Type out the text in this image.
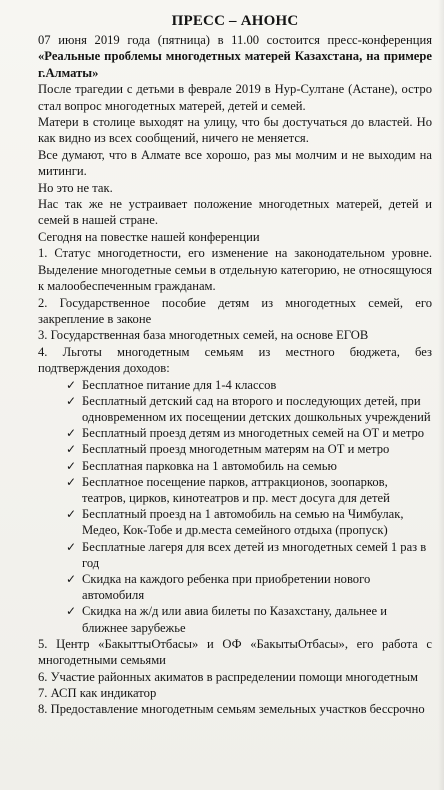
ПРЕСС – АНОНС

07 июня 2019 года (пятница) в 11.00 состоится пресс-конференция «Реальные проблемы многодетных матерей Казахстана, на примере г.Алматы»

После трагедии с детьми в феврале 2019 в Нур-Султане (Астане), остро стал вопрос многодетных матерей, детей и семей.

Матери в столице выходят на улицу, что бы достучаться до властей. Но как видно из всех сообщений, ничего не меняется.

Все думают, что в Алмате все хорошо, раз мы молчим и не выходим на митинги.

Но это не так.

Нас так же не устраивает положение многодетных матерей, детей и семей в нашей стране.

Сегодня на повестке нашей конференции

1. Статус многодетности, его изменение на законодательном уровне. Выделение многодетные семьи в отдельную категорию, не относящуюся к малообеспеченным гражданам.

2. Государственное пособие детям из многодетных семей, его закрепление в законе

3. Государственная база многодетных семей, на основе ЕГОВ

4. Льготы многодетным семьям из местного бюджета, без подтверждения доходов:

✓ Бесплатное питание для 1-4 классов
✓ Бесплатный детский сад на второго и последующих детей, при одновременном их посещении детских дошкольных учреждений
✓ Бесплатный проезд детям из многодетных семей на ОТ и метро
✓ Бесплатный проезд многодетным матерям на ОТ и метро
✓ Бесплатная парковка на 1 автомобиль на семью
✓ Бесплатное посещение парков, аттракционов, зоопарков, театров, цирков, кинотеатров и пр. мест досуга для детей
✓ Бесплатный проезд на 1 автомобиль на семью на Чимбулак, Медео, Кок-Тобе и др.места семейного отдыха (пропуск)
✓ Бесплатные лагеря для всех детей из многодетных семей 1 раз в год
✓ Скидка на каждого ребенка при приобретении нового автомобиля
✓ Скидка на ж/д или авиа билеты по Казахстану, дальнее и ближнее зарубежье

5. Центр «БакыттыОтбасы» и ОФ «БакытыОтбасы», его работа с многодетными семьями

6. Участие районных акиматов в распределении помощи многодетным

7. АСП как индикатор

8. Предоставление многодетным семьям земельных участков бессрочно
